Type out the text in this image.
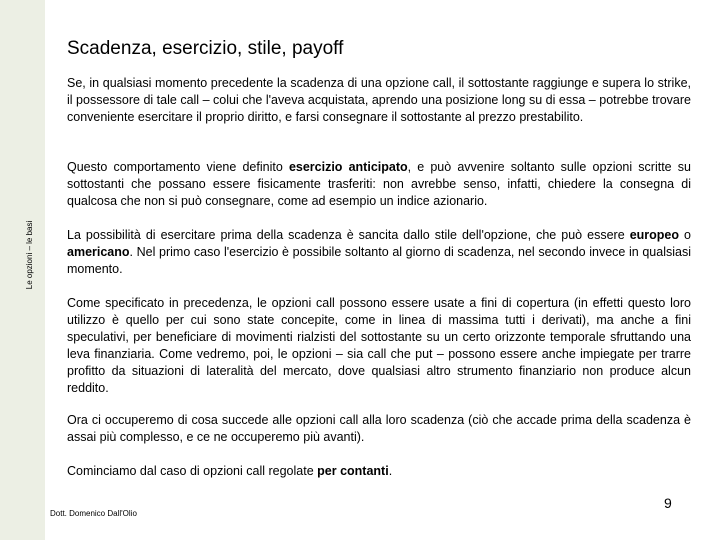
Le opzioni – le basi
Scadenza, esercizio, stile, payoff

Se, in qualsiasi momento precedente la scadenza di una opzione call, il sottostante raggiunge e supera lo strike, il possessore di tale call – colui che l'aveva acquistata, aprendo una posizione long su di essa – potrebbe trovare conveniente esercitare il proprio diritto, e farsi consegnare il sottostante al prezzo prestabilito.

Questo comportamento viene definito esercizio anticipato, e può avvenire soltanto sulle opzioni scritte su sottostanti che possano essere fisicamente trasferiti: non avrebbe senso, infatti, chiedere la consegna di qualcosa che non si può consegnare, come ad esempio un indice azionario.

La possibilità di esercitare prima della scadenza è sancita dallo stile dell'opzione, che può essere europeo o americano. Nel primo caso l'esercizio è possibile soltanto al giorno di scadenza, nel secondo invece in qualsiasi momento.

Come specificato in precedenza, le opzioni call possono essere usate a fini di copertura (in effetti questo loro utilizzo è quello per cui sono state concepite, come in linea di massima tutti i derivati), ma anche a fini speculativi, per beneficiare di movimenti rialzisti del sottostante su un certo orizzonte temporale sfruttando una leva finanziaria. Come vedremo, poi, le opzioni – sia call che put – possono essere anche impiegate per trarre profitto da situazioni di lateralità del mercato, dove qualsiasi altro strumento finanziario non produce alcun reddito.

Ora ci occuperemo di cosa succede alle opzioni call alla loro scadenza (ciò che accade prima della scadenza è assai più complesso, e ce ne occuperemo più avanti).

Cominciamo dal caso di opzioni call regolate per contanti.

Dott. Domenico Dall'Olio
9
